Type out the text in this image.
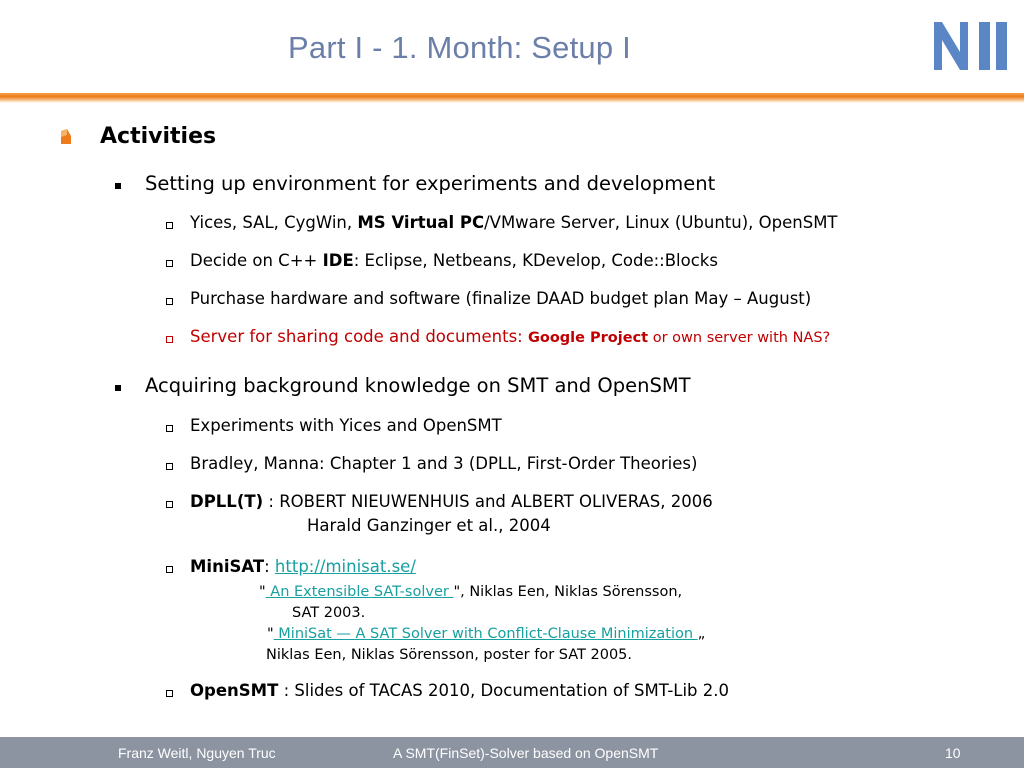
Part I - 1. Month: Setup I
Activities
Setting up environment for experiments and development
Yices, SAL, CygWin, MS Virtual PC/VMware Server, Linux (Ubuntu), OpenSMT
Decide on C++ IDE: Eclipse, Netbeans, KDevelop, Code::Blocks
Purchase hardware and software (finalize DAAD budget plan May – August)
Server for sharing code and documents: Google Project or own server with NAS?
Acquiring background knowledge on SMT and OpenSMT
Experiments with Yices and OpenSMT
Bradley, Manna: Chapter 1 and 3 (DPLL, First-Order Theories)
DPLL(T) : ROBERT NIEUWENHUIS and ALBERT OLIVERAS, 2006
Harald Ganzinger et al., 2004
MiniSAT: http://minisat.se/
" An Extensible SAT-solver ", Niklas Een, Niklas Sörensson,
SAT 2003.
" MiniSat — A SAT Solver with Conflict-Clause Minimization „
Niklas Een, Niklas Sörensson, poster for SAT 2005.
OpenSMT : Slides of TACAS 2010, Documentation of SMT-Lib 2.0
Franz Weitl, Nguyen Truc	A SMT(FinSet)-Solver based on OpenSMT	10
